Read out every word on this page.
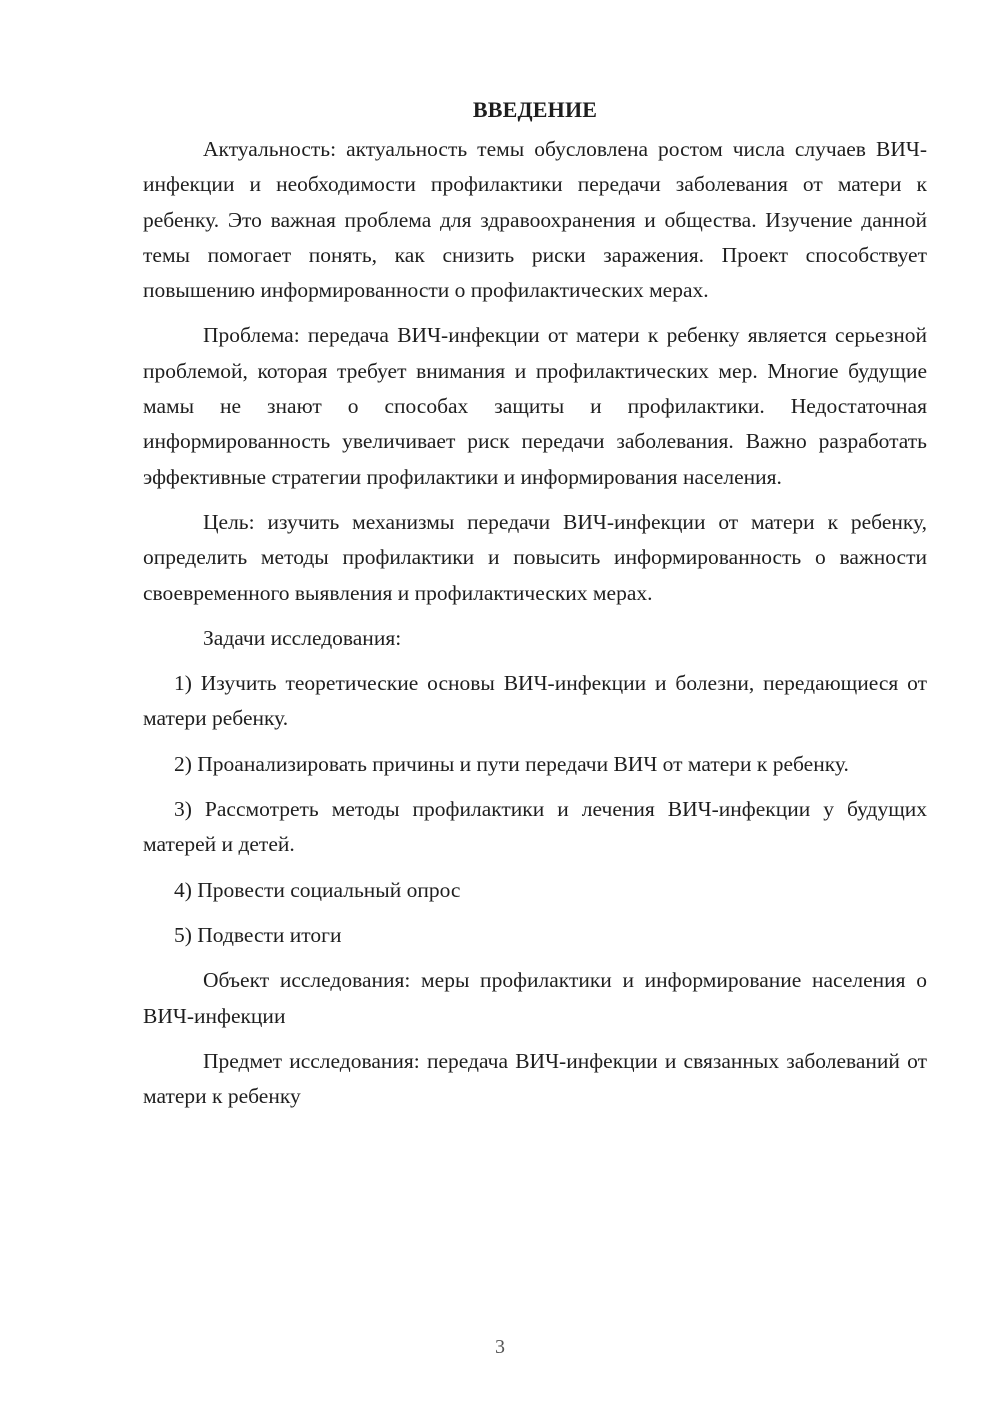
ВВЕДЕНИЕ

Актуальность: актуальность темы обусловлена ростом числа случаев ВИЧ-инфекции и необходимости профилактики передачи заболевания от матери к ребенку. Это важная проблема для здравоохранения и общества. Изучение данной темы помогает понять, как снизить риски заражения. Проект способствует повышению информированности о профилактических мерах.

Проблема: передача ВИЧ-инфекции от матери к ребенку является серьезной проблемой, которая требует внимания и профилактических мер. Многие будущие мамы не знают о способах защиты и профилактики. Недостаточная информированность увеличивает риск передачи заболевания. Важно разработать эффективные стратегии профилактики и информирования населения.

Цель: изучить механизмы передачи ВИЧ-инфекции от матери к ребенку, определить методы профилактики и повысить информированность о важности своевременного выявления и профилактических мерах.

Задачи исследования:

1) Изучить теоретические основы ВИЧ-инфекции и болезни, передающиеся от матери ребенку.

2) Проанализировать причины и пути передачи ВИЧ от матери к ребенку.

3) Рассмотреть методы профилактики и лечения ВИЧ-инфекции у будущих матерей и детей.

4) Провести социальный опрос

5) Подвести итоги

Объект исследования: меры профилактики и информирование населения о ВИЧ-инфекции

Предмет исследования: передача ВИЧ-инфекции и связанных заболеваний от матери к ребенку

3
